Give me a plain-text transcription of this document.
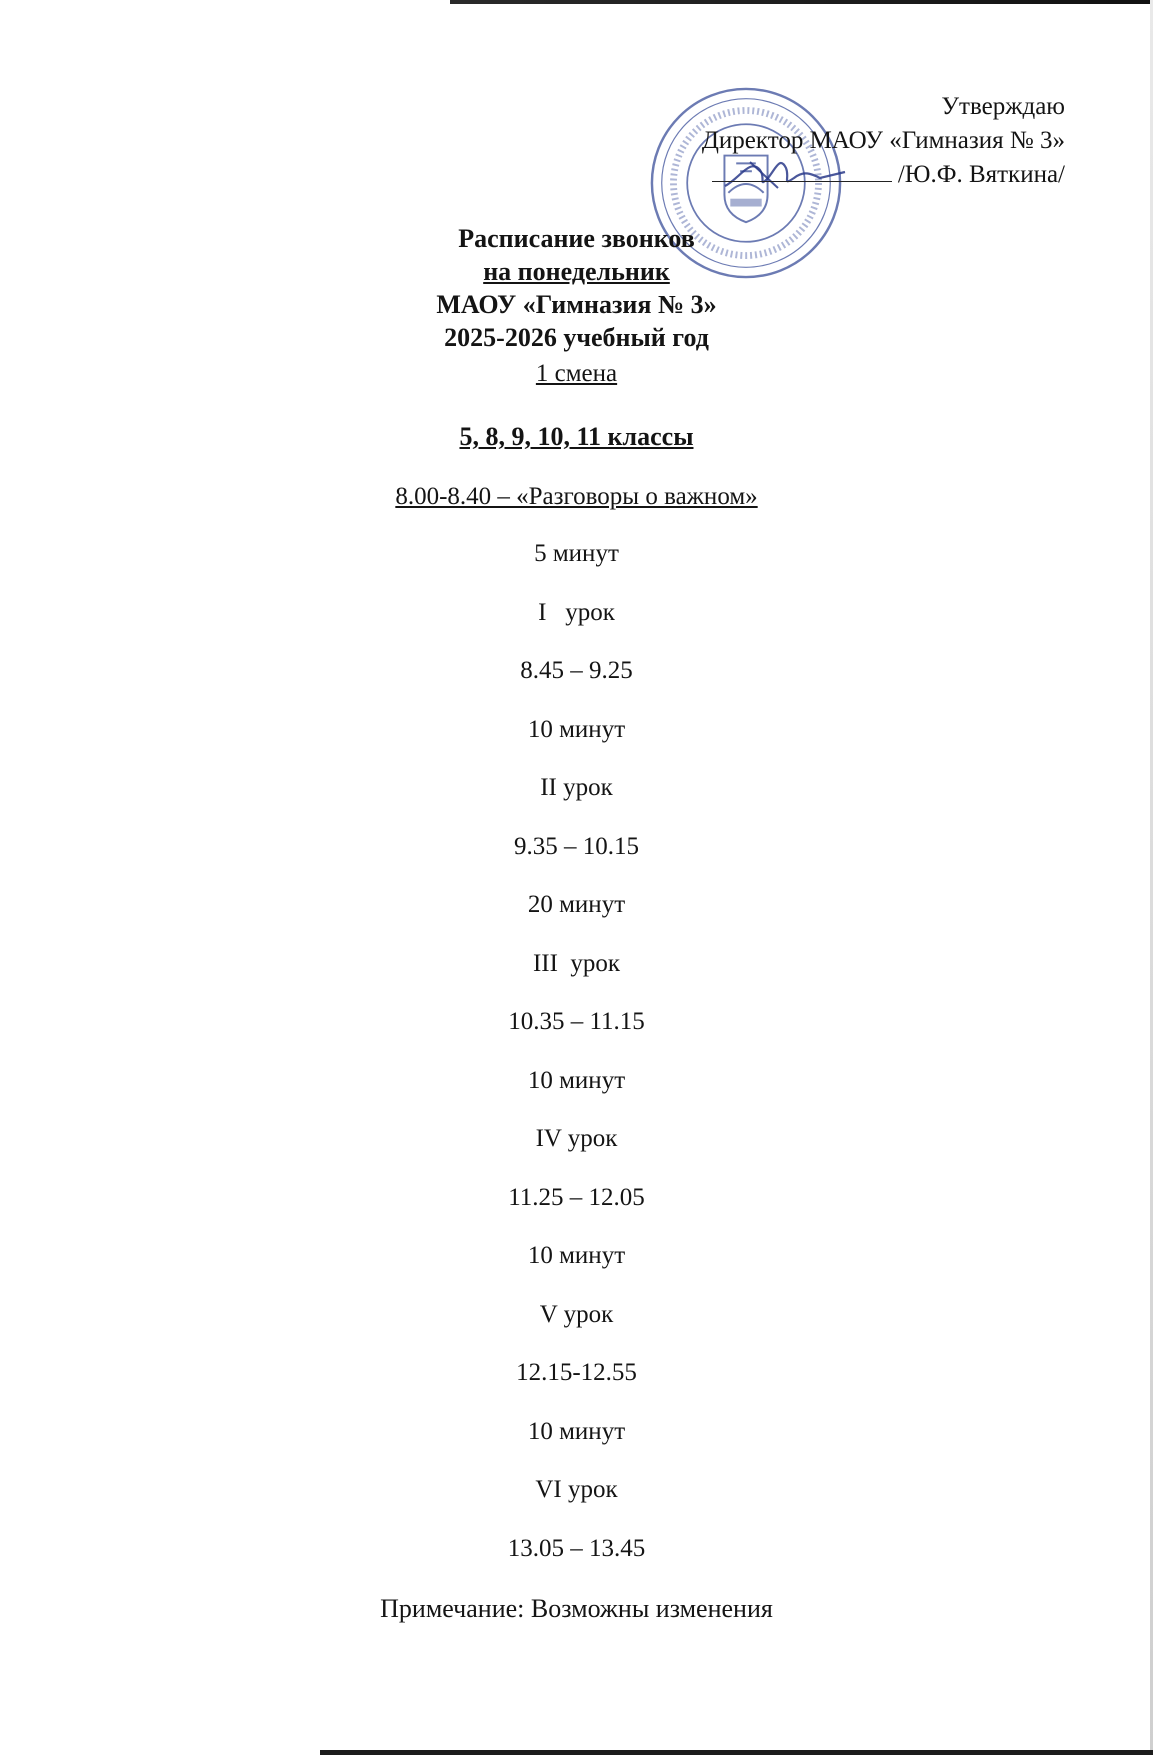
Утверждаю
Директор МАОУ «Гимназия № 3»
/Ю.Ф. Вяткина/
Расписание звонков
на понедельник
МАОУ «Гимназия № 3»
2025-2026 учебный год
1 смена
5, 8, 9, 10, 11 классы
8.00-8.40 – «Разговоры о важном»
5 минут
I   урок
8.45 – 9.25
10 минут
II урок
9.35 – 10.15
20 минут
III  урок
10.35 – 11.15
10 минут
IV урок
11.25 – 12.05
10 минут
V урок
12.15-12.55
10 минут
VI урок
13.05 – 13.45
Примечание: Возможны изменения
